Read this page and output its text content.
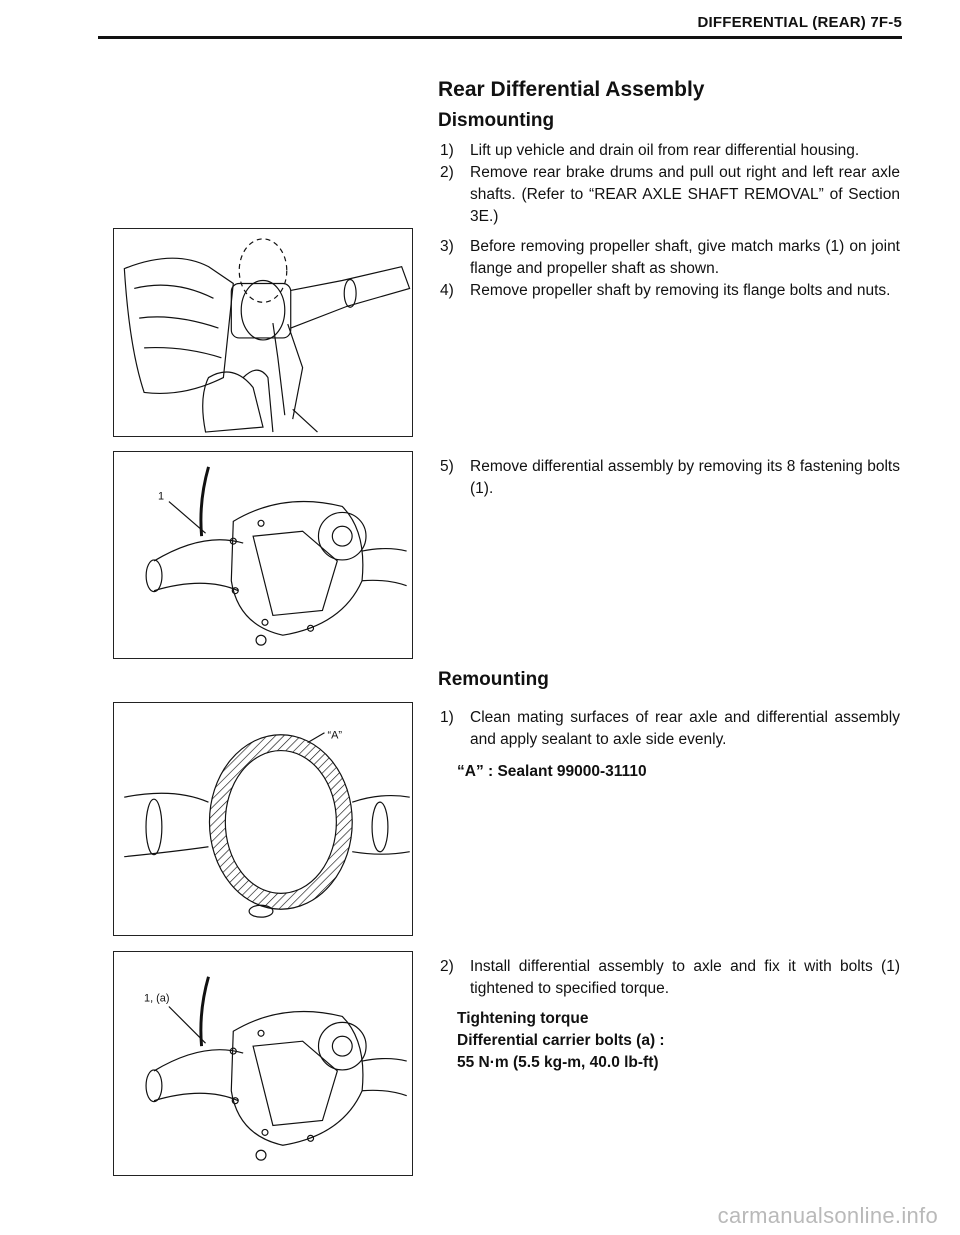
DIFFERENTIAL (REAR) 7F-5
Rear Differential Assembly
Dismounting
1) Lift up vehicle and drain oil from rear differential housing.
2) Remove rear brake drums and pull out right and left rear axle shafts. (Refer to “REAR AXLE SHAFT REMOVAL” of Section 3E.)
3) Before removing propeller shaft, give match marks (1) on joint flange and propeller shaft as shown.
4) Remove propeller shaft by removing its flange bolts and nuts.
1
5) Remove differential assembly by removing its 8 fastening bolts (1).
Remounting
“A”
1) Clean mating surfaces of rear axle and differential assembly and apply sealant to axle side evenly.
“A” : Sealant 99000-31110
1, (a)
2) Install differential assembly to axle and fix it with bolts (1) tightened to specified torque.
Tightening torque
Differential carrier bolts (a) :
55 N·m (5.5 kg-m, 40.0 lb-ft)
carmanualsonline.info
